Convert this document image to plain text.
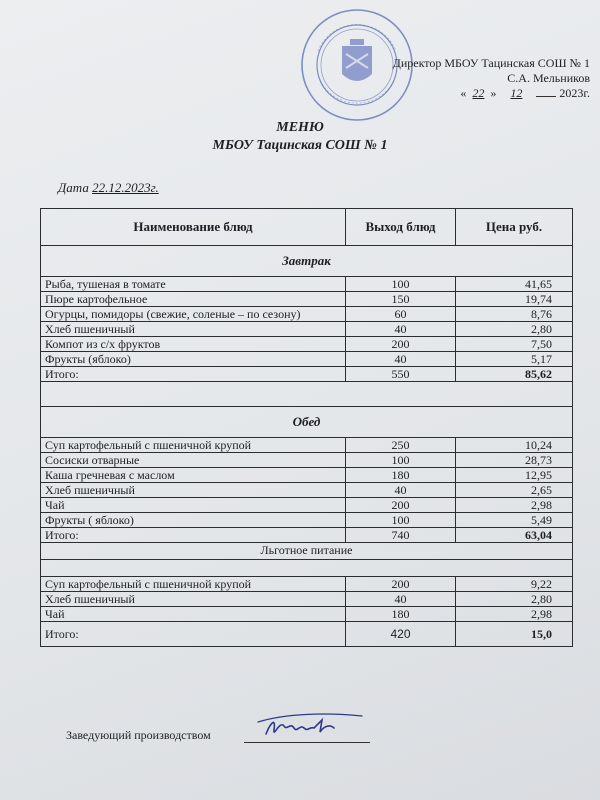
Директор МБОУ Тацинская СОШ № 1
С.А. Мельников
« 22 » 12	2023г.
МЕНЮ
МБОУ Тацинская СОШ № 1
Дата 22.12.2023г.
Наименование блюд	Выход блюд	Цена руб.
Завтрак		
Рыба, тушеная в томате	100	41,65
Пюре картофельное	150	19,74
Огурцы, помидоры (свежие, соленые – по сезону)	60	8,76
Хлеб пшеничный	40	2,80
Компот из с/х фруктов	200	7,50
Фрукты (яблоко)	40	5,17
Итого:	550	85,62

Обед		
Суп картофельный с пшеничной крупой	250	10,24
Сосиски отварные	100	28,73
Каша гречневая с маслом	180	12,95
Хлеб пшеничный	40	2,65
Чай	200	2,98
Фрукты ( яблоко)	100	5,49
Итого:	740	63,04
Льготное питание		

Суп картофельный с пшеничной крупой	200	9,22
Хлеб пшеничный	40	2,80
Чай	180	2,98
Итого:	420	15,0
Заведующий производством
